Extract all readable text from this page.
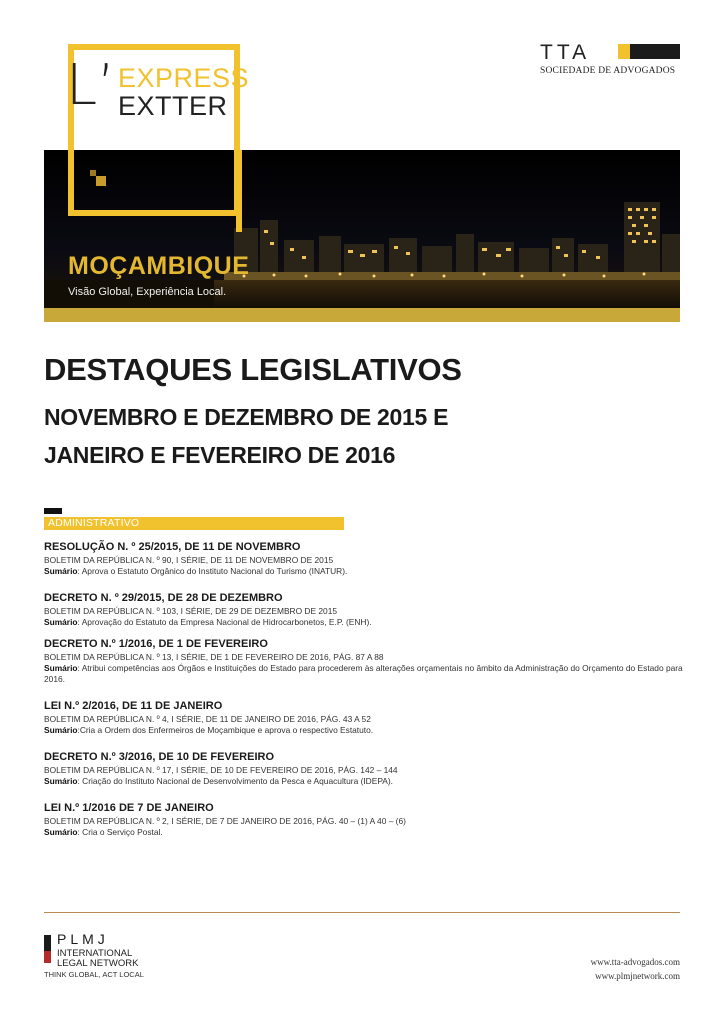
L’ EXPRESS
EXTTER
MOÇAMBIQUE
Visão Global, Experiência Local.
TTA
SOCIEDADE DE ADVOGADOS
DESTAQUES LEGISLATIVOS
NOVEMBRO E DEZEMBRO DE 2015 E
JANEIRO E FEVEREIRO DE 2016
ADMINISTRATIVO
RESOLUÇÃO N. º 25/2015, DE 11 DE NOVEMBRO
BOLETIM DA REPÚBLICA N. º 90, I SÉRIE, DE 11 DE NOVEMBRO DE 2015
Sumário: Aprova o Estatuto Orgânico do Instituto Nacional do Turismo (INATUR).
DECRETO N. º 29/2015, DE 28 DE DEZEMBRO
BOLETIM DA REPÚBLICA N. º 103, I SÉRIE, DE 29 DE DEZEMBRO DE 2015
Sumário: Aprovação do Estatuto da Empresa Nacional de Hidrocarbonetos, E.P. (ENH).
DECRETO N.º 1/2016, DE 1 DE FEVEREIRO
BOLETIM DA REPÚBLICA N. º 13, I SÉRIE, DE 1 DE FEVEREIRO DE 2016, PÁG. 87 A 88
Sumário: Atribui competências aos Órgãos e Instituições do Estado para procederem às alterações orçamentais no âmbito da Administração do Orçamento do Estado para 2016.
LEI N.º 2/2016, DE 11 DE JANEIRO
BOLETIM DA REPÚBLICA N. º 4, I SÉRIE, DE 11 DE JANEIRO DE 2016, PÁG. 43 A 52
Sumário:Cria a Ordem dos Enfermeiros de Moçambique e aprova o respectivo Estatuto.
DECRETO N.º 3/2016, DE 10 DE FEVEREIRO
BOLETIM DA REPÚBLICA N. º 17, I SÉRIE, DE 10 DE FEVEREIRO DE 2016, PÁG. 142 – 144
Sumário: Criação do Instituto Nacional de Desenvolvimento da Pesca e Aquacultura (IDEPA).
LEI N.º 1/2016 DE 7 DE JANEIRO
BOLETIM DA REPÚBLICA N. º 2, I SÉRIE, DE 7 DE JANEIRO DE 2016, PÁG. 40 – (1) A 40 – (6)
Sumário: Cria o Serviço Postal.
PLMJ
INTERNATIONAL
LEGAL NETWORK
THINK GLOBAL, ACT LOCAL
www.tta-advogados.com
www.plmjnetwork.com
